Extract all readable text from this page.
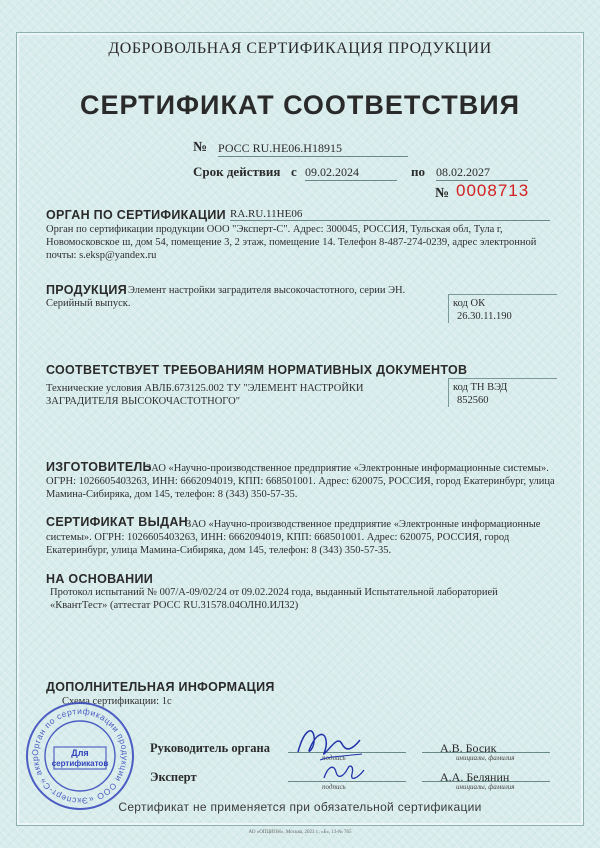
ДОБРОВОЛЬНАЯ СЕРТИФИКАЦИЯ ПРОДУКЦИИ
СЕРТИФИКАТ СООТВЕТСТВИЯ
№ РОСС RU.НЕ06.Н18915
Срок действия с 09.02.2024	по 08.02.2027
№ 0008713
ОРГАН ПО СЕРТИФИКАЦИИ RA.RU.11НЕ06
Орган по сертификации продукции ООО "Эксперт-С". Адрес: 300045, РОССИЯ, Тульская обл, Тула г, Новомосковское ш, дом 54, помещение 3, 2 этаж, помещение 14. Телефон 8-487-274-0239, адрес электронной почты: s.eksp@yandex.ru
ПРОДУКЦИЯ Элемент настройки заградителя высокочастотного, серии ЭН.
Серийный выпуск.	код ОК
26.30.11.190
СООТВЕТСТВУЕТ ТРЕБОВАНИЯМ НОРМАТИВНЫХ ДОКУМЕНТОВ
Технические условия АВЛБ.673125.002 ТУ "ЭЛЕМЕНТ НАСТРОЙКИ ЗАГРАДИТЕЛЯ ВЫСОКОЧАСТОТНОГО"
код ТН ВЭД
852560
ИЗГОТОВИТЕЛЬ
ЗАО «Научно-производственное предприятие «Электронные информационные системы». ОГРН: 1026605403263, ИНН: 6662094019, КПП: 668501001. Адрес: 620075, РОССИЯ, город Екатеринбург, улица Мамина-Сибиряка, дом 145, телефон: 8 (343) 350-57-35.
СЕРТИФИКАТ ВЫДАН
ЗАО «Научно-производственное предприятие «Электронные информационные системы». ОГРН: 1026605403263, ИНН: 6662094019, КПП: 668501001. Адрес: 620075, РОССИЯ, город Екатеринбург, улица Мамина-Сибиряка, дом 145, телефон: 8 (343) 350-57-35.
НА ОСНОВАНИИ
Протокол испытаний № 007/А-09/02/24 от 09.02.2024 года, выданный Испытательной лабораторией «КвантТест» (аттестат РОСС RU.31578.04ОЛН0.ИЛ32)
ДОПОЛНИТЕЛЬНАЯ ИНФОРМАЦИЯ
Схема сертификации: 1с
Орган по сертификации продукции ООО «Эксперт-С» аккр
Для
сертификатов
Руководитель органа
подпись
А.В. Босик
инициалы, фамилия
Эксперт
подпись
А.А. Белянин
инициалы, фамилия
Сертификат не применяется при обязательной сертификации
АО «ОПЦИОН», Москва, 2023 г., «Б», 13-№ 765
